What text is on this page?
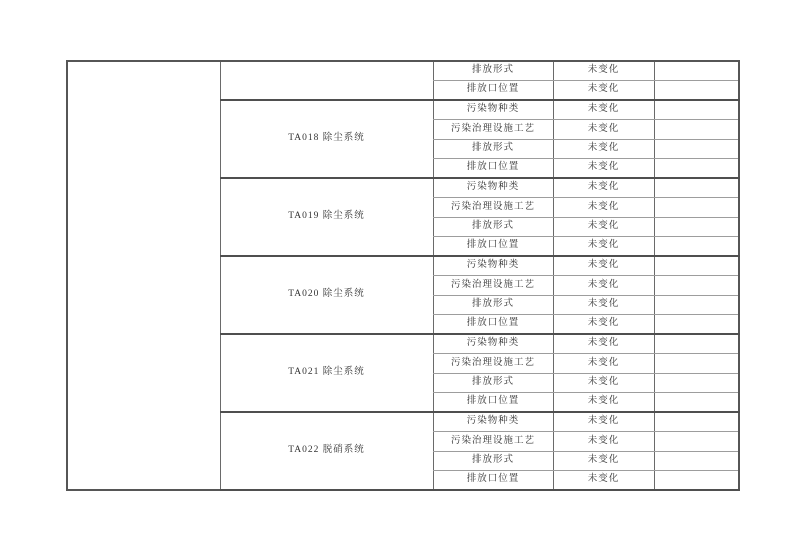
		排放形式	未变化	
		排放口位置	未变化	
	TA018 除尘系统	污染物种类	未变化	
		污染治理设施工艺	未变化	
		排放形式	未变化	
		排放口位置	未变化	
	TA019 除尘系统	污染物种类	未变化	
		污染治理设施工艺	未变化	
		排放形式	未变化	
		排放口位置	未变化	
	TA020 除尘系统	污染物种类	未变化	
		污染治理设施工艺	未变化	
		排放形式	未变化	
		排放口位置	未变化	
	TA021 除尘系统	污染物种类	未变化	
		污染治理设施工艺	未变化	
		排放形式	未变化	
		排放口位置	未变化	
	TA022 脱硝系统	污染物种类	未变化	
		污染治理设施工艺	未变化	
		排放形式	未变化	
		排放口位置	未变化	
